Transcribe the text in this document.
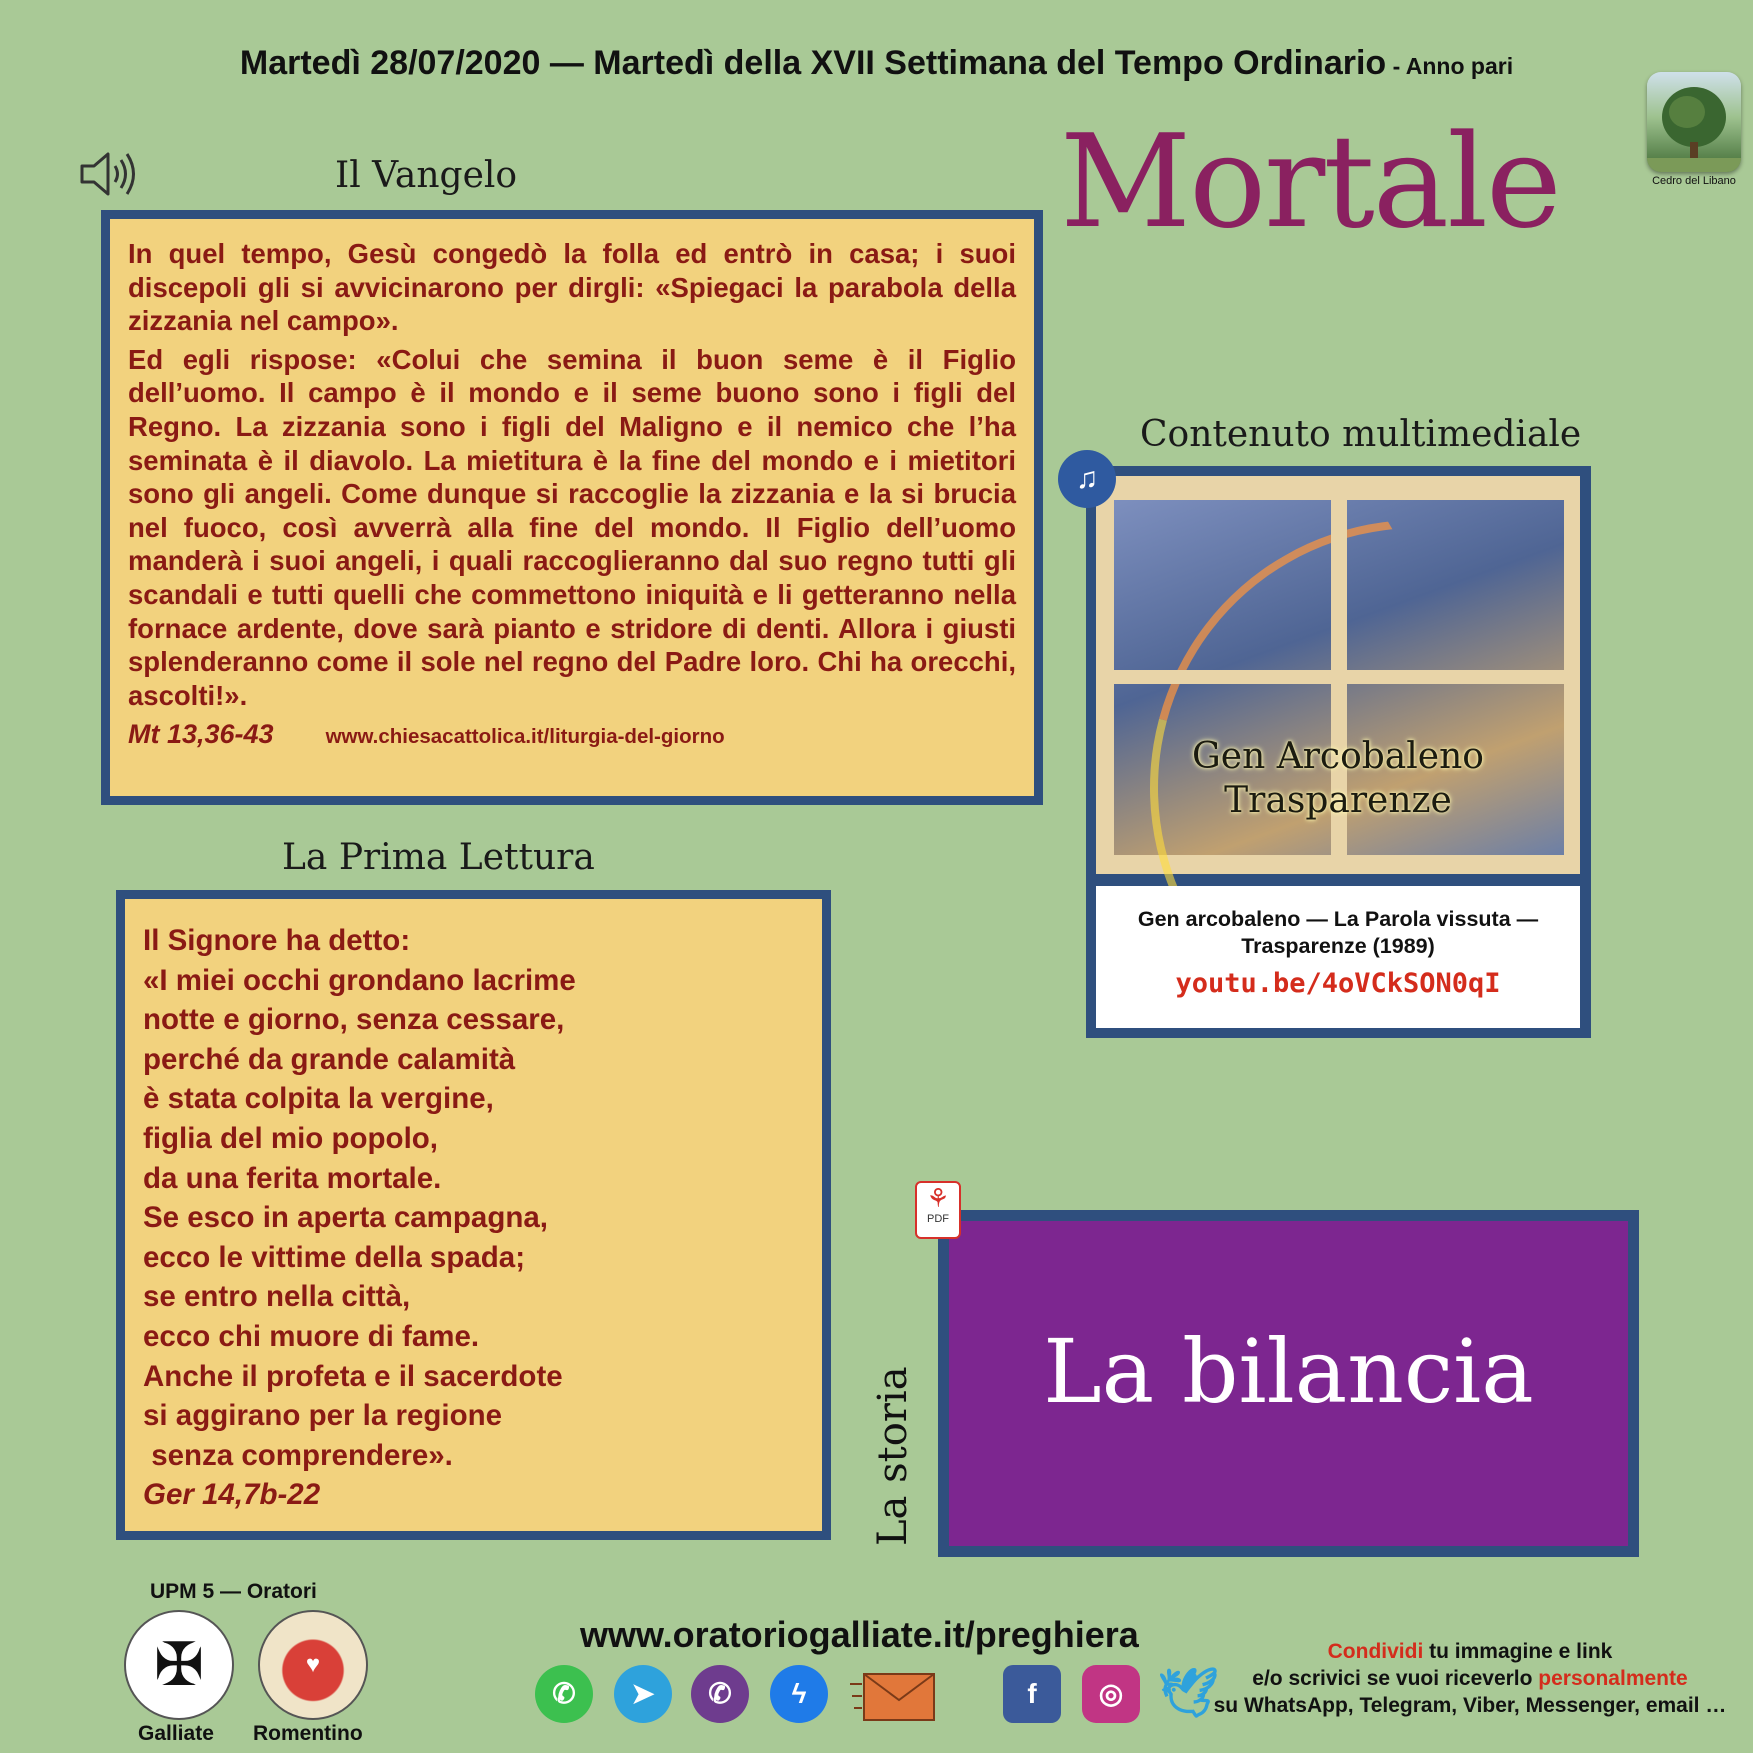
Martedì 28/07/2020 — Martedì della XVII Settimana del Tempo Ordinario - Anno pari
Cedro del Libano
Mortale
Il Vangelo

In quel tempo, Gesù congedò la folla ed entrò in casa; i suoi discepoli gli si avvicinarono per dirgli: «Spiegaci la parabola della zizzania nel campo».

Ed egli rispose: «Colui che semina il buon seme è il Figlio dell’uomo. Il campo è il mondo e il seme buono sono i figli del Regno. La zizzania sono i figli del Maligno e il nemico che l’ha seminata è il diavolo. La mietitura è la fine del mondo e i mietitori sono gli angeli. Come dunque si raccoglie la zizzania e la si brucia nel fuoco, così avverrà alla fine del mondo. Il Figlio dell’uomo manderà i suoi angeli, i quali raccoglieranno dal suo regno tutti gli scandali e tutti quelli che commettono iniquità e li getteranno nella fornace ardente, dove sarà pianto e stridore di denti. Allora i giusti splenderanno come il sole nel regno del Padre loro. Chi ha orecchi, ascolti!».

Mt 13,36-43	www.chiesacattolica.it/liturgia-del-giorno
La Prima Lettura
Il Signore ha detto:
«I miei occhi grondano lacrime
notte e giorno, senza cessare,
perché da grande calamità
è stata colpita la vergine,
figlia del mio popolo,
da una ferita mortale.
Se esco in aperta campagna,
ecco le vittime della spada;
se entro nella città,
ecco chi muore di fame.
Anche il profeta e il sacerdote
si aggirano per la regione
senza comprendere».
Ger 14,7b-22
Contenuto multimediale
Gen Arcobaleno
Trasparenze
Gen arcobaleno — La Parola vissuta — Trasparenze (1989)
youtu.be/4oVCkSON0qI
♫
La bilancia
La storia
⚘
PDF
UPM 5 — Oratori
✠	♥
Galliate Romentino
www.oratoriogalliate.it/preghiera
✆	➤	✆	ϟ	f	◎ 🕊
Condividi tu immagine e link
e/o scrivici se vuoi riceverlo personalmente
su WhatsApp, Telegram, Viber, Messenger, email …
